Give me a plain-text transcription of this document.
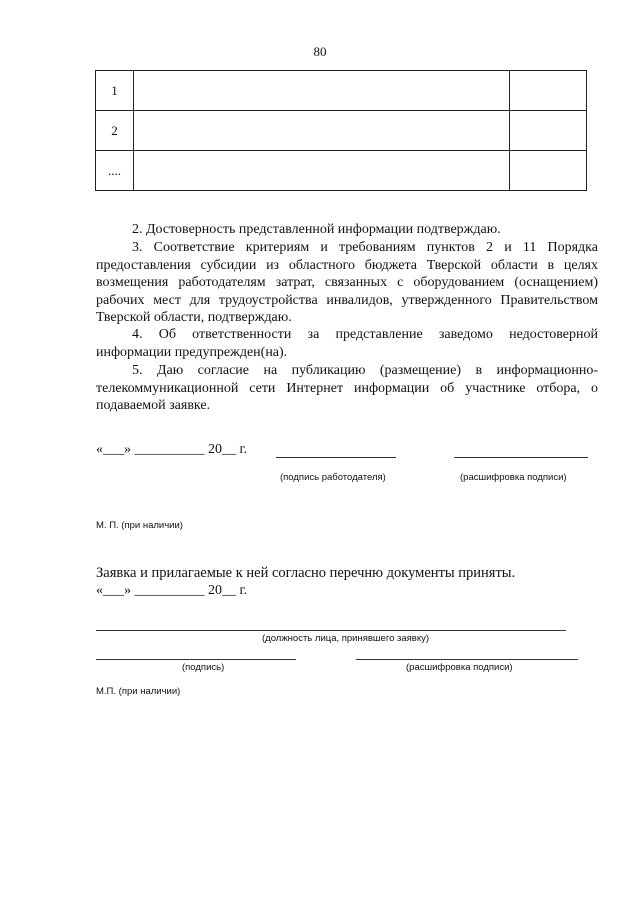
80
1		
2		
....		
2. Достоверность представленной информации подтверждаю.
3. Соответствие критериям и требованиям пунктов 2 и 11 Порядка предоставления субсидии из областного бюджета Тверской области в целях возмещения работодателям затрат, связанных с оборудованием (оснащением) рабочих мест для трудоустройства инвалидов, утвержденного Правительством Тверской области, подтверждаю.
4. Об ответственности за представление заведомо недостоверной информации предупрежден(на).
5. Даю согласие на публикацию (размещение) в информационно-телекоммуникационной сети Интернет информации об участнике отбора, о подаваемой заявке.
«___» __________ 20__ г.
(подпись работодателя)	(расшифровка подписи)
М. П. (при наличии)
Заявка и прилагаемые к ней согласно перечню документы приняты.
«___» __________ 20__ г.
(должность лица, принявшего заявку)
(подпись)	(расшифровка подписи)
М.П. (при наличии)
